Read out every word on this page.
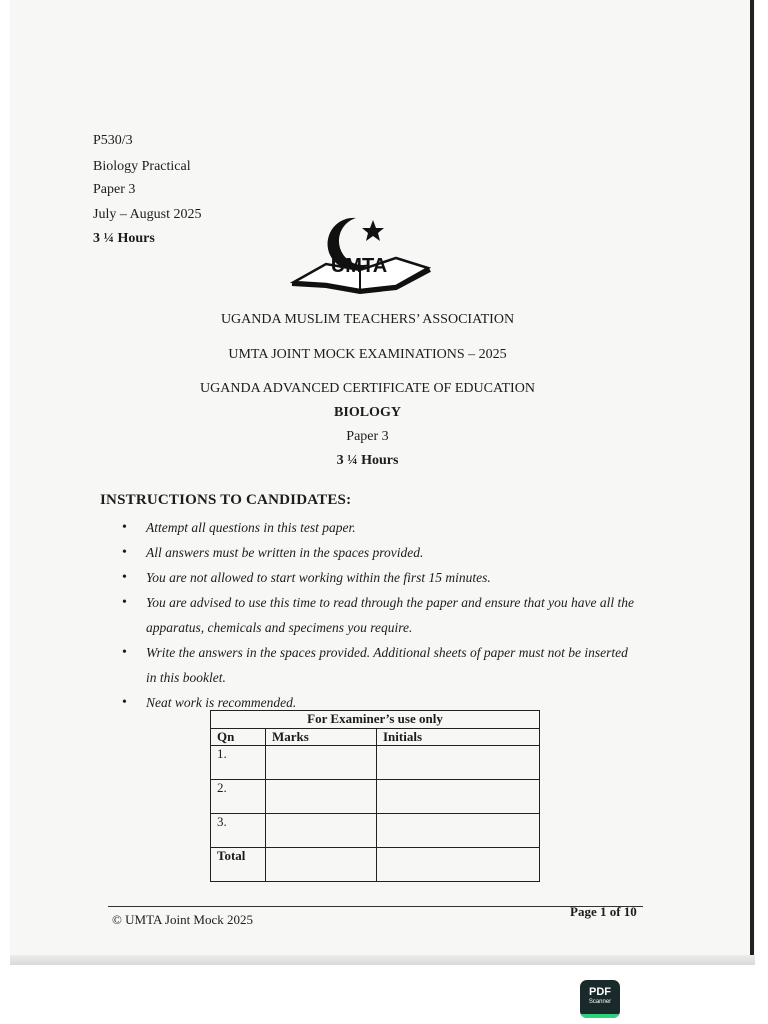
P530/3
Biology Practical
Paper 3
July – August 2025
3 ¼ Hours
UMTA
UGANDA MUSLIM TEACHERS’ ASSOCIATION
UMTA JOINT MOCK EXAMINATIONS – 2025
UGANDA ADVANCED CERTIFICATE OF EDUCATION
BIOLOGY
Paper 3
3 ¼ Hours
INSTRUCTIONS TO CANDIDATES:
• Attempt all questions in this test paper.
• All answers must be written in the spaces provided.
• You are not allowed to start working within the first 15 minutes.
• You are advised to use this time to read through the paper and ensure that you have all the apparatus, chemicals and specimens you require.
• Write the answers in the spaces provided. Additional sheets of paper must not be inserted in this booklet.
• Neat work is recommended.
For Examiner’s use only		
Qn	Marks	Initials
1.		
2.		
3.		
Total		
© UMTA Joint Mock 2025
Page 1 of 10
PDF
Scanner
